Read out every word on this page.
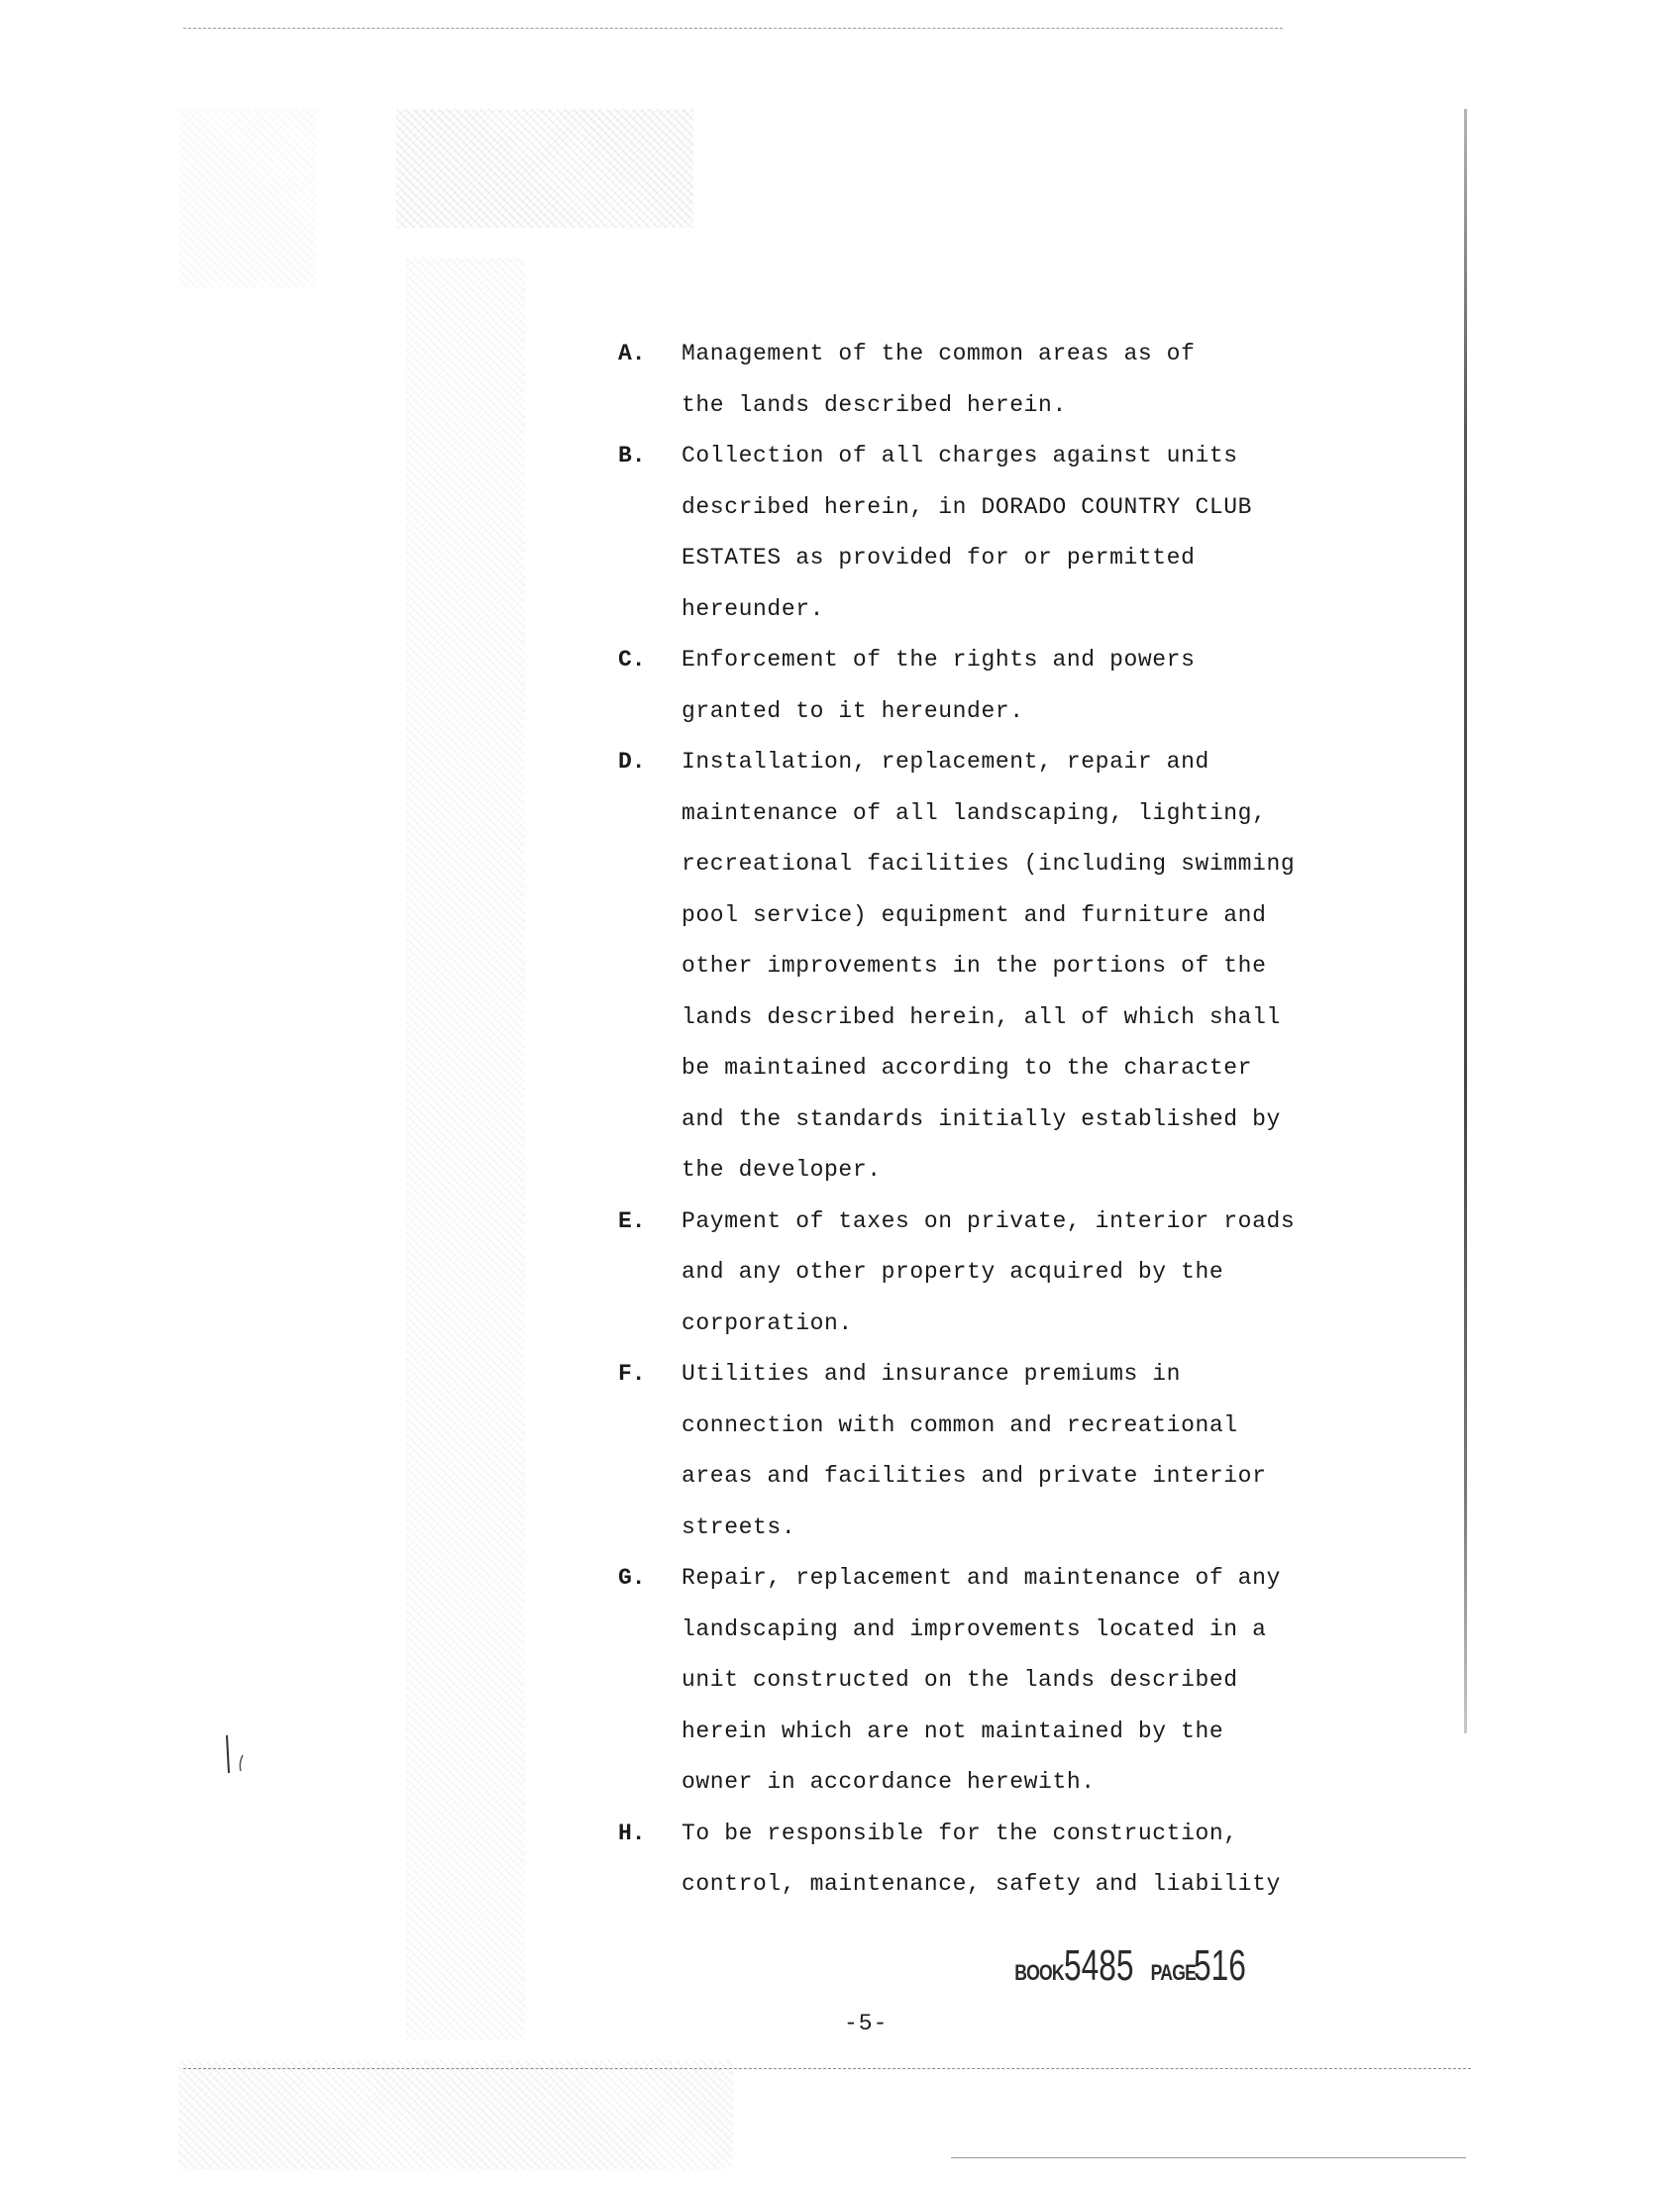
A. Management of the common areas as of
the lands described herein.
B. Collection of all charges against units
described herein, in DORADO COUNTRY CLUB
ESTATES as provided for or permitted
hereunder.
C. Enforcement of the rights and powers
granted to it hereunder.
D. Installation, replacement, repair and
maintenance of all landscaping, lighting,
recreational facilities (including swimming
pool service) equipment and furniture and
other improvements in the portions of the
lands described herein, all of which shall
be maintained according to the character
and the standards initially established by
the developer.
E. Payment of taxes on private, interior roads
and any other property acquired by the
corporation.
F. Utilities and insurance premiums in
connection with common and recreational
areas and facilities and private interior
streets.
G. Repair, replacement and maintenance of any
landscaping and improvements located in a
unit constructed on the lands described
herein which are not maintained by the
owner in accordance herewith.
H. To be responsible for the construction,
control, maintenance, safety and liability
BOOK5485 PAGE516
-5-
